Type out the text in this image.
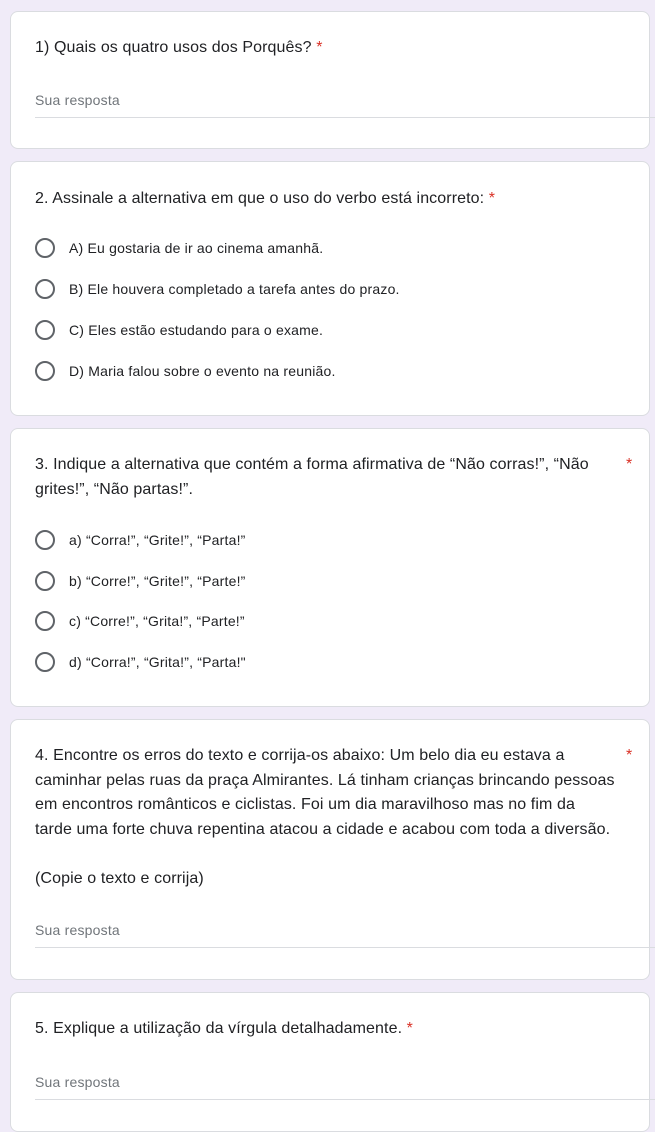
1) Quais os quatro usos dos Porquês? *
Sua resposta
2. Assinale a alternativa em que o uso do verbo está incorreto: *
A) Eu gostaria de ir ao cinema amanhã.
B) Ele houvera completado a tarefa antes do prazo.
C) Eles estão estudando para o exame.
D) Maria falou sobre o evento na reunião.
3. Indique a alternativa que contém a forma afirmativa de “Não corras!”, “Não
grites!”, “Não partas!”.
*
a) “Corra!”, “Grite!”, “Parta!”
b) “Corre!”, “Grite!”, “Parte!”
c) “Corre!”, “Grita!”, “Parte!”
d) “Corra!”, “Grita!”, “Parta!"
4. Encontre os erros do texto e corrija-os abaixo: Um belo dia eu estava a
caminhar pelas ruas da praça Almirantes. Lá tinham crianças brincando pessoas
em encontros românticos e ciclistas. Foi um dia maravilhoso mas no fim da
tarde uma forte chuva repentina atacou a cidade e acabou com toda a diversão.
*
(Copie o texto e corrija)
Sua resposta
5. Explique a utilização da vírgula detalhadamente. *
Sua resposta
